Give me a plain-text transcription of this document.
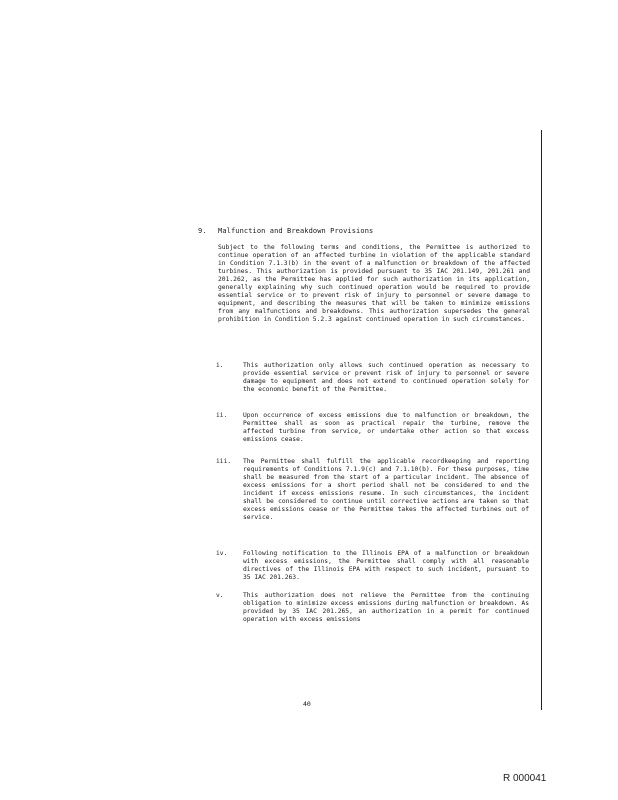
9. Malfunction and Breakdown Provisions
Subject to the following terms and conditions, the Permittee is authorized to continue operation of an affected turbine in violation of the applicable standard in Condition 7.1.3(b) in the event of a malfunction or breakdown of the affected turbines. This authorization is provided pursuant to 35 IAC 201.149, 201.261 and 201.262, as the Permittee has applied for such authorization in its application, generally explaining why such continued operation would be required to provide essential service or to prevent risk of injury to personnel or severe damage to equipment, and describing the measures that will be taken to minimize emissions from any malfunctions and breakdowns. This authorization supersedes the general prohibition in Condition 5.2.3 against continued operation in such circumstances.
i.	This authorization only allows such continued operation as necessary to provide essential service or prevent risk of injury to personnel or severe damage to equipment and does not extend to continued operation solely for the economic benefit of the Permittee.
ii.	Upon occurrence of excess emissions due to malfunction or breakdown, the Permittee shall as soon as practical repair the turbine, remove the affected turbine from service, or undertake other action so that excess emissions cease.
iii.	The Permittee shall fulfill the applicable recordkeeping and reporting requirements of Conditions 7.1.9(c) and 7.1.10(b). For these purposes, time shall be measured from the start of a particular incident. The absence of excess emissions for a short period shall not be considered to end the incident if excess emissions resume. In such circumstances, the incident shall be considered to continue until corrective actions are taken so that excess emissions cease or the Permittee takes the affected turbines out of service.
iv.	Following notification to the Illinois EPA of a malfunction or breakdown with excess emissions, the Permittee shall comply with all reasonable directives of the Illinois EPA with respect to such incident, pursuant to 35 IAC 201.263.
v.	This authorization does not relieve the Permittee from the continuing obligation to minimize excess emissions during malfunction or breakdown. As provided by 35 IAC 201.265, an authorization in a permit for continued operation with excess emissions
40
R 000041
